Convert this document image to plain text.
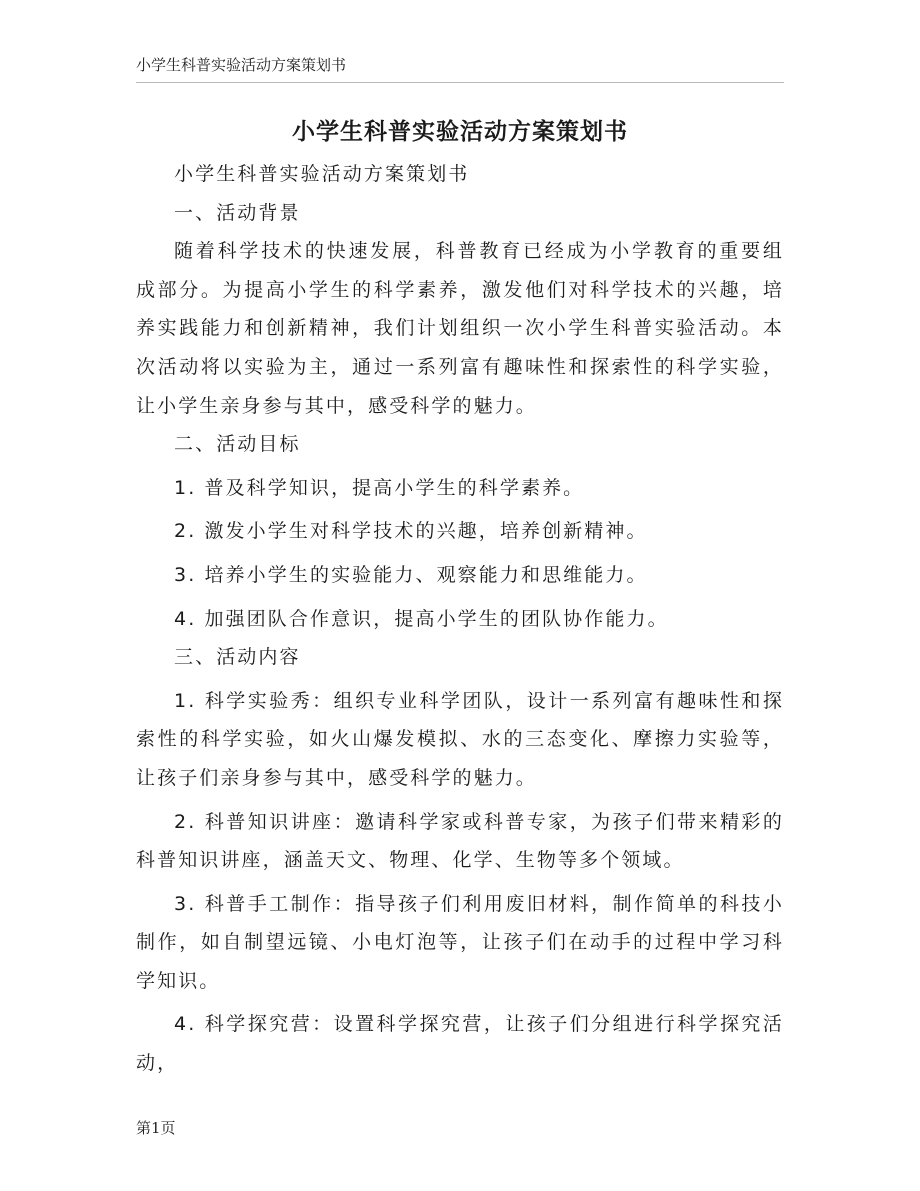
小学生科普实验活动方案策划书
小学生科普实验活动方案策划书

小学生科普实验活动方案策划书

一、活动背景

随着科学技术的快速发展，科普教育已经成为小学教育的重要组成部分。为提高小学生的科学素养，激发他们对科学技术的兴趣，培养实践能力和创新精神，我们计划组织一次小学生科普实验活动。本次活动将以实验为主，通过一系列富有趣味性和探索性的科学实验，让小学生亲身参与其中，感受科学的魅力。

二、活动目标

1. 普及科学知识，提高小学生的科学素养。

2. 激发小学生对科学技术的兴趣，培养创新精神。

3. 培养小学生的实验能力、观察能力和思维能力。

4. 加强团队合作意识，提高小学生的团队协作能力。

三、活动内容

1. 科学实验秀：组织专业科学团队，设计一系列富有趣味性和探索性的科学实验，如火山爆发模拟、水的三态变化、摩擦力实验等，让孩子们亲身参与其中，感受科学的魅力。

2. 科普知识讲座：邀请科学家或科普专家，为孩子们带来精彩的科普知识讲座，涵盖天文、物理、化学、生物等多个领域。

3. 科普手工制作：指导孩子们利用废旧材料，制作简单的科技小制作，如自制望远镜、小电灯泡等，让孩子们在动手的过程中学习科学知识。

4. 科学探究营：设置科学探究营，让孩子们分组进行科学探究活动，

第1页
